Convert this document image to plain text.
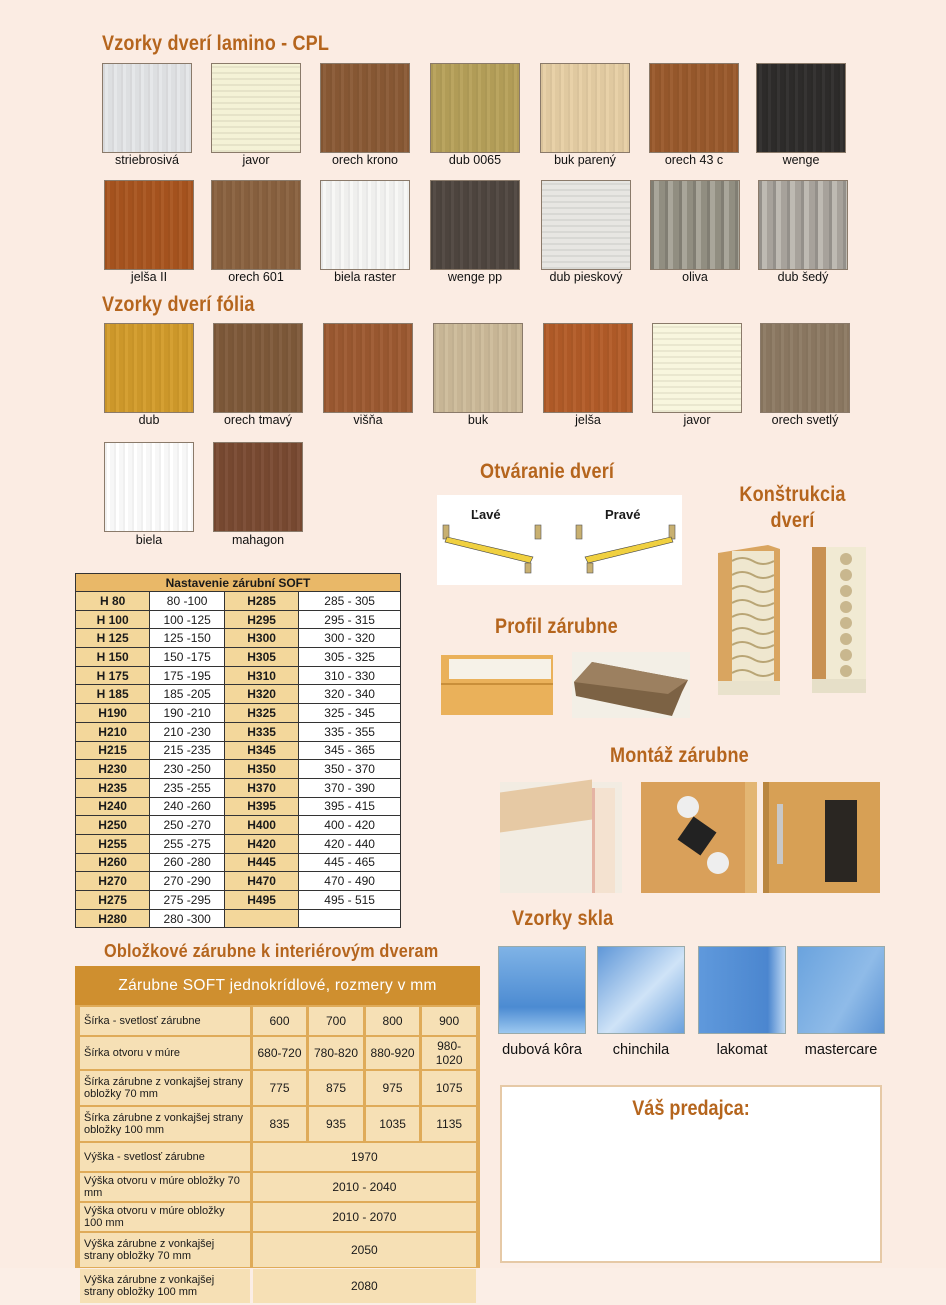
Vzorky dverí lamino - CPL
striebrosivá	javor	orech krono	dub 0065	buk parený	orech 43 c	wenge
jelša II	orech 601	biela raster	wenge pp	dub pieskový	oliva	dub šedý
Vzorky dverí fólia
dub	orech tmavý	višňa	buk	jelša	javor	orech svetlý
biela	mahagon
Otváranie dverí
Ľavé	Pravé
Konštrukcia
dverí
Profil zárubne
Montáž zárubne
Vzorky skla
dubová kôra	chinchila	lakomat	mastercare
Váš predajca:
Nastavenie zárubní SOFT			
H 80	80 -100	H285	285 - 305
H 100	100 -125	H295	295 - 315
H 125	125 -150	H300	300 - 320
H 150	150 -175	H305	305 - 325
H 175	175 -195	H310	310 - 330
H 185	185 -205	H320	320 - 340
H190	190 -210	H325	325 - 345
H210	210 -230	H335	335 - 355
H215	215 -235	H345	345 - 365
H230	230 -250	H350	350 - 370
H235	235 -255	H370	370 - 390
H240	240 -260	H395	395 - 415
H250	250 -270	H400	400 - 420
H255	255 -275	H420	420 - 440
H260	260 -280	H445	445 - 465
H270	270 -290	H470	470 - 490
H275	275 -295	H495	495 - 515
H280	280 -300		
Obložkové zárubne k interiérovým dveram
Zárubne SOFT jednokrídlové, rozmery v mm
Šírka - svetlosť zárubne		600		700		800		900
Šírka otvoru v múre		680-720		780-820		880-920		980-1020
Šírka zárubne z vonkajšej strany obložky 70 mm		775		875		975		1075
Šírka zárubne z vonkajšej strany obložky 100 mm		835		935		1035		1135
Výška - svetlosť zárubne		1970						
Výška otvoru v múre obložky 70 mm		2010 - 2040						
Výška otvoru v múre obložky 100 mm		2010 - 2070						
Výška zárubne z vonkajšej strany obložky 70 mm		2050						
Výška zárubne z vonkajšej strany obložky 100 mm		2080						
